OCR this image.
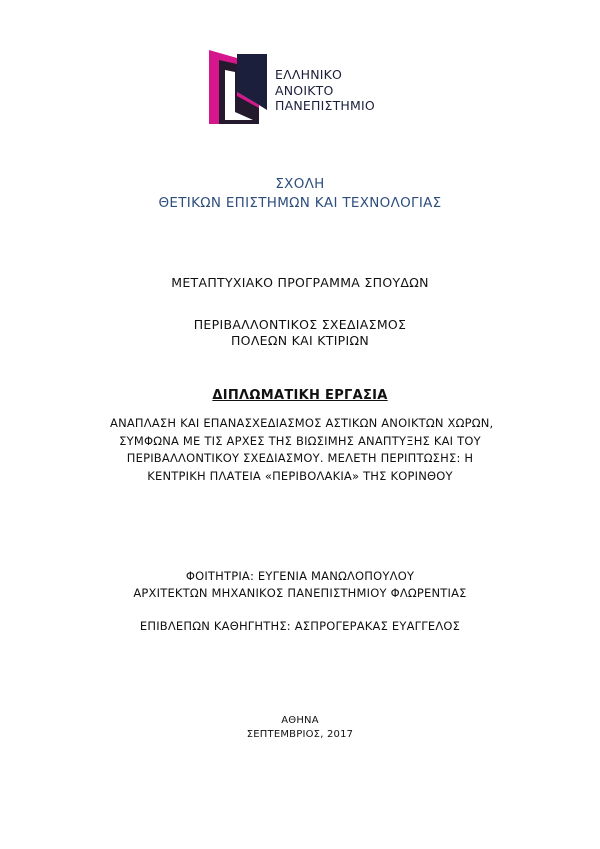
ΕΛΛΗΝΙΚΟ
ΑΝΟΙΚΤΟ
ΠΑΝΕΠΙΣΤΗΜΙΟ
ΣΧΟΛΗ
ΘΕΤΙΚΩΝ ΕΠΙΣΤΗΜΩΝ ΚΑΙ ΤΕΧΝΟΛΟΓΙΑΣ
ΜΕΤΑΠΤΥΧΙΑΚΟ ΠΡΟΓΡΑΜΜΑ ΣΠΟΥΔΩΝ
ΠΕΡΙΒΑΛΛΟΝΤΙΚΟΣ ΣΧΕΔΙΑΣΜΟΣ
ΠΟΛΕΩΝ ΚΑΙ ΚΤΙΡΙΩΝ
ΔΙΠΛΩΜΑΤΙΚΗ ΕΡΓΑΣΙΑ
ΑΝΑΠΛΑΣΗ ΚΑΙ ΕΠΑΝΑΣΧΕΔΙΑΣΜΟΣ ΑΣΤΙΚΩΝ ΑΝΟΙΚΤΩΝ ΧΩΡΩΝ,
ΣΥΜΦΩΝΑ ΜΕ ΤΙΣ ΑΡΧΕΣ ΤΗΣ ΒΙΩΣΙΜΗΣ ΑΝΑΠΤΥΞΗΣ ΚΑΙ ΤΟΥ
ΠΕΡΙΒΑΛΛΟΝΤΙΚΟΥ ΣΧΕΔΙΑΣΜΟΥ. ΜΕΛΕΤΗ ΠΕΡΙΠΤΩΣΗΣ: Η
ΚΕΝΤΡΙΚΗ ΠΛΑΤΕΙΑ «ΠΕΡΙΒΟΛΑΚΙΑ» ΤΗΣ ΚΟΡΙΝΘΟΥ
ΦΟΙΤΗΤΡΙΑ: ΕΥΓΕΝΙΑ ΜΑΝΩΛΟΠΟΥΛΟΥ
ΑΡΧΙΤΕΚΤΩΝ ΜΗΧΑΝΙΚΟΣ ΠΑΝΕΠΙΣΤΗΜΙΟΥ ΦΛΩΡΕΝΤΙΑΣ
ΕΠΙΒΛΕΠΩΝ ΚΑΘΗΓΗΤΗΣ: ΑΣΠΡΟΓΕΡΑΚΑΣ ΕΥΑΓΓΕΛΟΣ
ΑΘΗΝΑ
ΣΕΠΤΕΜΒΡΙΟΣ, 2017
